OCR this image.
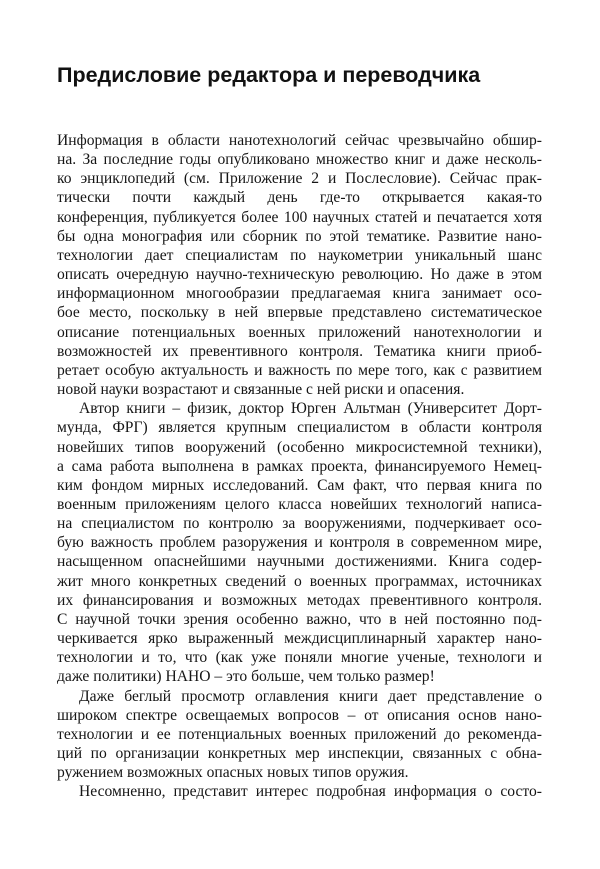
Предисловие редактора и переводчика

Информация в области нанотехнологий сейчас чрезвычайно обшир-
на. За последние годы опубликовано множество книг и даже несколь-
ко энциклопедий (см. Приложение 2 и Послесловие). Сейчас прак-
тически почти каждый день где-то открывается какая-то
конференция, публикуется более 100 научных статей и печатается хотя
бы одна монография или сборник по этой тематике. Развитие нано-
технологии дает специалистам по наукометрии уникальный шанс
описать очередную научно-техническую революцию. Но даже в этом
информационном многообразии предлагаемая книга занимает осо-
бое место, поскольку в ней впервые представлено систематическое
описание потенциальных военных приложений нанотехнологии и
возможностей их превентивного контроля. Тематика книги приоб-
ретает особую актуальность и важность по мере того, как с развитием
новой науки возрастают и связанные с ней риски и опасения.

Автор книги – физик, доктор Юрген Альтман (Университет Дорт-
мунда, ФРГ) является крупным специалистом в области контроля
новейших типов вооружений (особенно микросистемной техники),
а сама работа выполнена в рамках проекта, финансируемого Немец-
ким фондом мирных исследований. Сам факт, что первая книга по
военным приложениям целого класса новейших технологий написа-
на специалистом по контролю за вооружениями, подчеркивает осо-
бую важность проблем разоружения и контроля в современном мире,
насыщенном опаснейшими научными достижениями. Книга содер-
жит много конкретных сведений о военных программах, источниках
их финансирования и возможных методах превентивного контроля.
С научной точки зрения особенно важно, что в ней постоянно под-
черкивается ярко выраженный междисциплинарный характер нано-
технологии и то, что (как уже поняли многие ученые, технологи и
даже политики) НАНО – это больше, чем только размер!

Даже беглый просмотр оглавления книги дает представление о
широком спектре освещаемых вопросов – от описания основ нано-
технологии и ее потенциальных военных приложений до рекоменда-
ций по организации конкретных мер инспекции, связанных с обна-
ружением возможных опасных новых типов оружия.

Несомненно, представит интерес подробная информация о состо-
